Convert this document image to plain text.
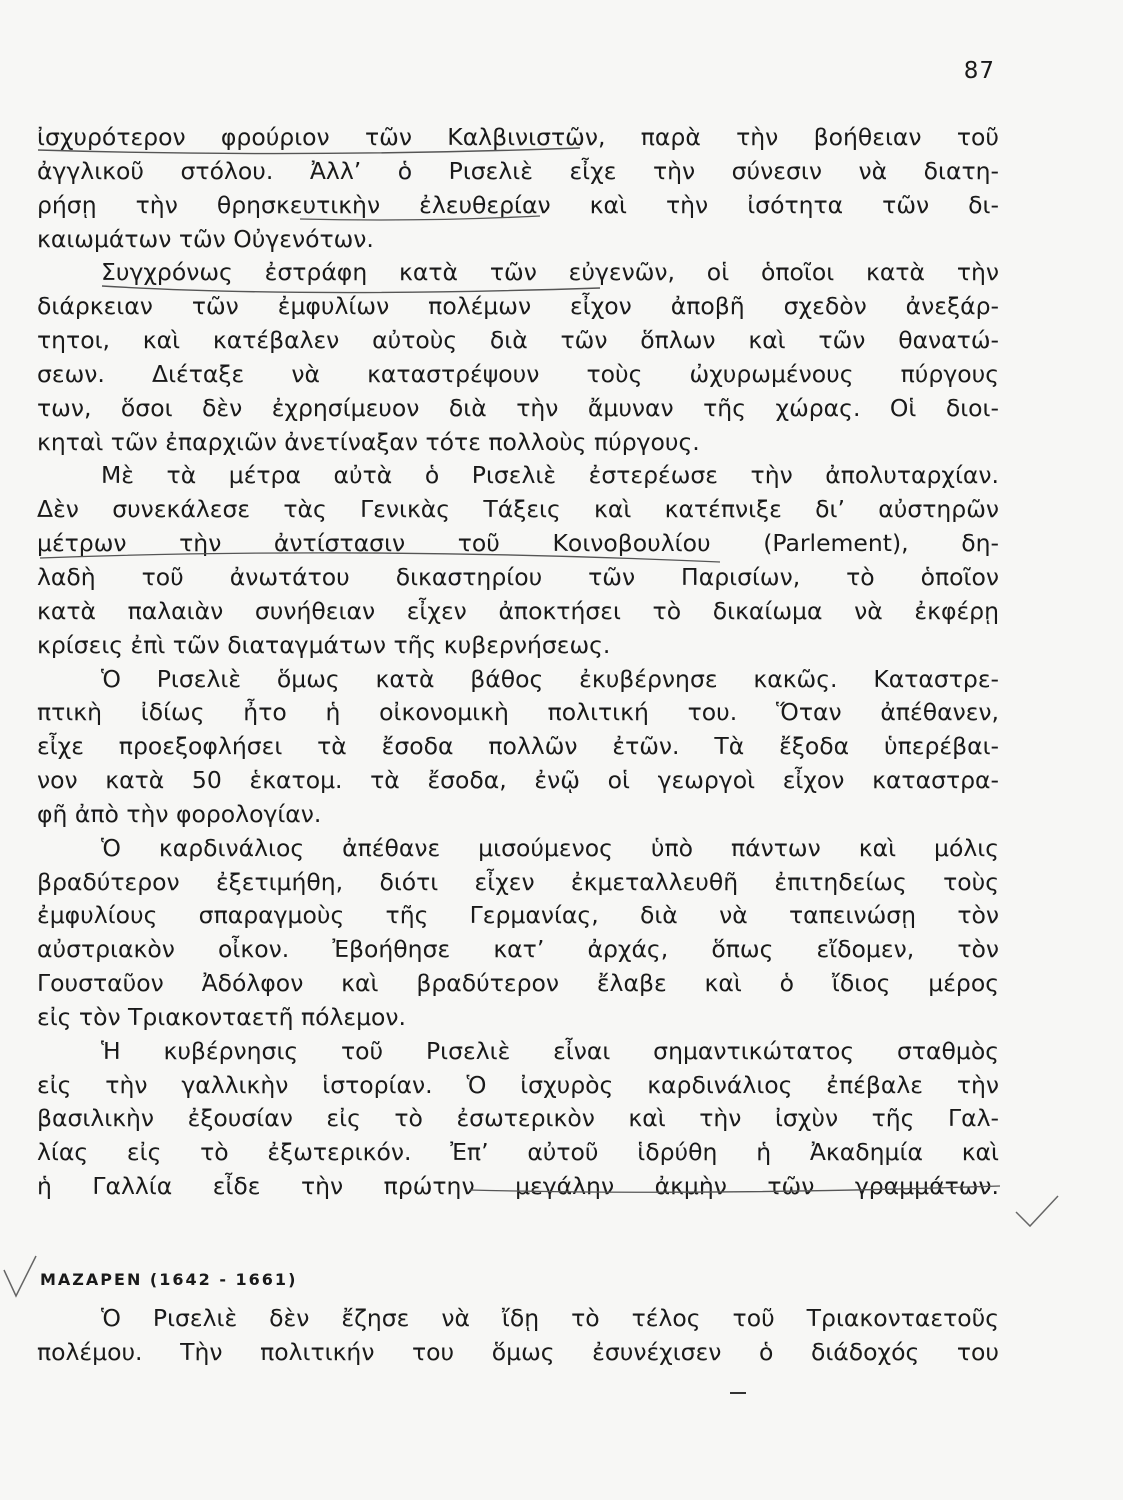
87
ἰσχυρότερον φρούριον τῶν Καλβινιστῶν, παρὰ τὴν βοήθειαν τοῦ
ἀγγλικοῦ στόλου. Ἀλλ’ ὁ Ρισελιὲ εἶχε τὴν σύνεσιν νὰ διατη-
ρήσῃ τὴν θρησκευτικὴν ἐλευθερίαν καὶ τὴν ἰσότητα τῶν δι-
καιωμάτων τῶν Οὐγενότων.
Συγχρόνως ἐστράφη κατὰ τῶν εὐγενῶν, οἱ ὁποῖοι κατὰ τὴν
διάρκειαν τῶν ἐμφυλίων πολέμων εἶχον ἀποβῆ σχεδὸν ἀνεξάρ-
τητοι, καὶ κατέβαλεν αὐτοὺς διὰ τῶν ὅπλων καὶ τῶν θανατώ-
σεων. Διέταξε νὰ καταστρέψουν τοὺς ὠχυρωμένους πύργους
των, ὅσοι δὲν ἐχρησίμευον διὰ τὴν ἄμυναν τῆς χώρας. Οἱ διοι-
κηταὶ τῶν ἐπαρχιῶν ἀνετίναξαν τότε πολλοὺς πύργους.
Μὲ τὰ μέτρα αὐτὰ ὁ Ρισελιὲ ἐστερέωσε τὴν ἀπολυταρχίαν.
Δὲν συνεκάλεσε τὰς Γενικὰς Τάξεις καὶ κατέπνιξε δι’ αὐστηρῶν
μέτρων τὴν ἀντίστασιν τοῦ Κοινοβουλίου (Parlement), δη-
λαδὴ τοῦ ἀνωτάτου δικαστηρίου τῶν Παρισίων, τὸ ὁποῖον
κατὰ παλαιὰν συνήθειαν εἶχεν ἀποκτήσει τὸ δικαίωμα νὰ ἐκφέρῃ
κρίσεις ἐπὶ τῶν διαταγμάτων τῆς κυβερνήσεως.
Ὁ Ρισελιὲ ὅμως κατὰ βάθος ἐκυβέρνησε κακῶς. Καταστρε-
πτικὴ ἰδίως ἦτο ἡ οἰκονομικὴ πολιτική του. Ὅταν ἀπέθανεν,
εἶχε προεξοφλήσει τὰ ἔσοδα πολλῶν ἐτῶν. Τὰ ἔξοδα ὑπερέβαι-
νον κατὰ 50 ἑκατομ. τὰ ἔσοδα, ἐνῷ οἱ γεωργοὶ εἶχον καταστρα-
φῆ ἀπὸ τὴν φορολογίαν.
Ὁ καρδινάλιος ἀπέθανε μισούμενος ὑπὸ πάντων καὶ μόλις
βραδύτερον ἐξετιμήθη, διότι εἶχεν ἐκμεταλλευθῆ ἐπιτηδείως τοὺς
ἐμφυλίους σπαραγμοὺς τῆς Γερμανίας, διὰ νὰ ταπεινώσῃ τὸν
αὐστριακὸν οἶκον. Ἐβοήθησε κατ’ ἀρχάς, ὅπως εἴδομεν, τὸν
Γουσταῦον Ἀδόλφον καὶ βραδύτερον ἔλαβε καὶ ὁ ἴδιος μέρος
εἰς τὸν Τριακονταετῆ πόλεμον.
Ἡ κυβέρνησις τοῦ Ρισελιὲ εἶναι σημαντικώτατος σταθμὸς
εἰς τὴν γαλλικὴν ἱστορίαν. Ὁ ἰσχυρὸς καρδινάλιος ἐπέβαλε τὴν
βασιλικὴν ἐξουσίαν εἰς τὸ ἐσωτερικὸν καὶ τὴν ἰσχὺν τῆς Γαλ-
λίας εἰς τὸ ἐξωτερικόν. Ἐπ’ αὐτοῦ ἱδρύθη ἡ Ἀκαδημία καὶ
ἡ Γαλλία εἶδε τὴν πρώτην μεγάλην ἀκμὴν τῶν γραμμάτων.
ΜΑΖΑΡΕΝ (1642 - 1661)
Ὁ Ρισελιὲ δὲν ἔζησε νὰ ἴδῃ τὸ τέλος τοῦ Τριακονταετοῦς
πολέμου. Τὴν πολιτικήν του ὅμως ἐσυνέχισεν ὁ διάδοχός του
